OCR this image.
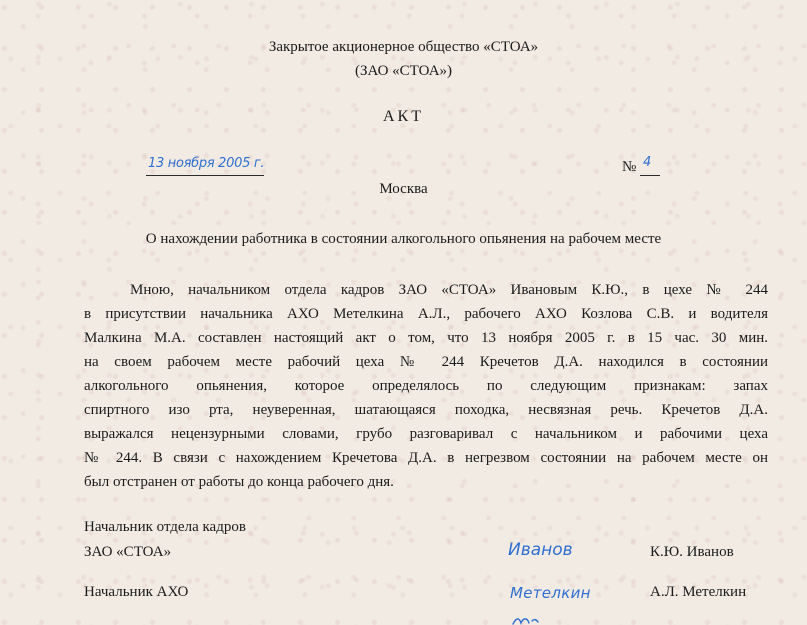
Закрытое акционерное общество «СТОА»
(ЗАО «СТОА»)
АКТ
13 ноября 2005 г.	№ 4
Москва
О нахождении работника в состоянии алкогольного опьянения на рабочем месте
Мною, начальником отдела кадров ЗАО «СТОА» Ивановым К.Ю., в цехе № 244
в присутствии начальника АХО Метелкина А.Л., рабочего АХО Козлова С.В. и водителя
Малкина М.А. составлен настоящий акт о том, что 13 ноября 2005 г. в 15 час. 30 мин.
на своем рабочем месте рабочий цеха № 244 Кречетов Д.А. находился в состоянии
алкогольного опьянения, которое определялось по следующим признакам: запах
спиртного изо рта, неуверенная, шатающаяся походка, несвязная речь. Кречетов Д.А.
выражался нецензурными словами, грубо разговаривал с начальником и рабочими цеха
№ 244. В связи с нахождением Кречетова Д.А. в негрезвом состоянии на рабочем месте он
был отстранен от работы до конца рабочего дня.
Начальник отдела кадров
ЗАО «СТОА»	Иванов	К.Ю. Иванов
Начальник АХО	Метелкин	А.Л. Метелкин
